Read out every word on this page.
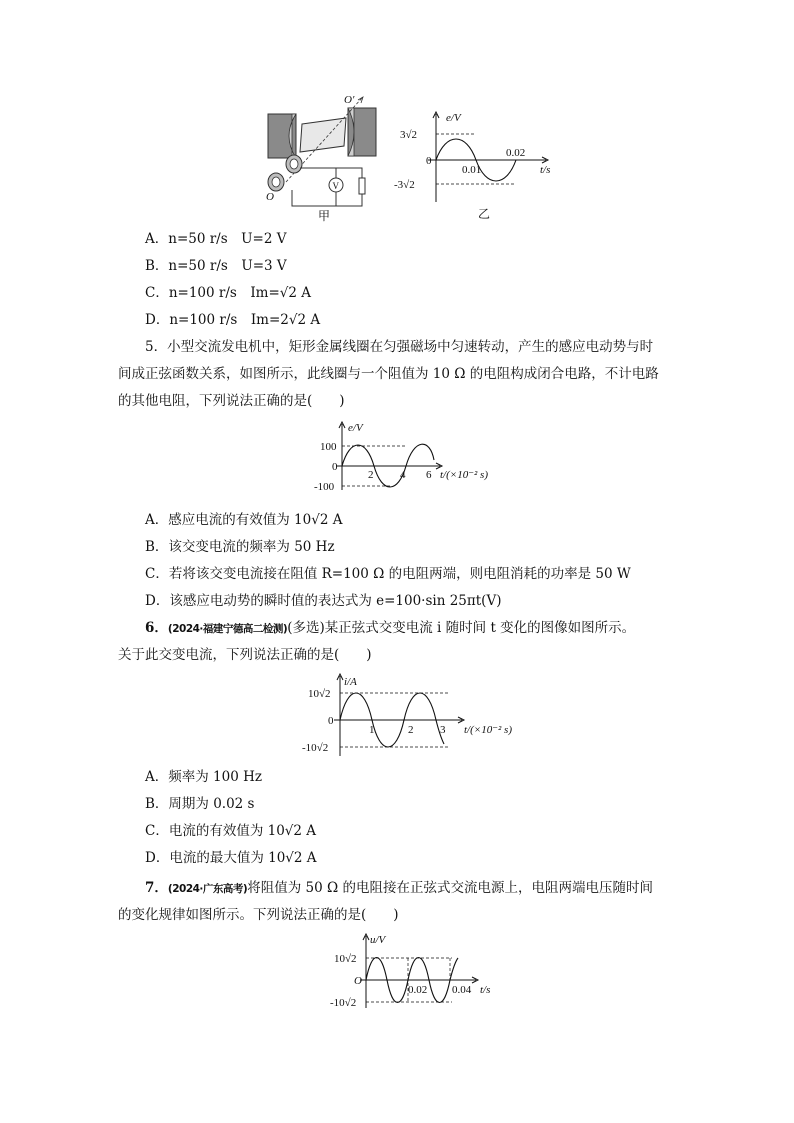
O′
O
V
甲
e/V
3√2
0
-3√2
0.01
0.02
t/s
乙
A．n=50 r/s　U=2 V
B．n=50 r/s　U=3 V
C．n=100 r/s　Im=√2 A
D．n=100 r/s　Im=2√2 A
5．小型交流发电机中，矩形金属线圈在匀强磁场中匀速转动，产生的感应电动势与时
间成正弦函数关系，如图所示，此线圈与一个阻值为 10 Ω 的电阻构成闭合电路，不计电路
的其他电阻，下列说法正确的是(　　)
e/V
100
0
-100
2 4 6 t/(×10⁻² s)
A．感应电流的有效值为 10√2 A
B．该交变电流的频率为 50 Hz
C．若将该交变电流接在阻值 R=100 Ω 的电阻两端，则电阻消耗的功率是 50 W
D．该感应电动势的瞬时值的表达式为 e=100·sin 25πt(V)
6．(2024·福建宁德高二检测)(多选)某正弦式交变电流 i 随时间 t 变化的图像如图所示。
关于此交变电流，下列说法正确的是(　　)
i/A
10√2
0
-10√2
1	2 3 t/(×10⁻² s)
A．频率为 100 Hz
B．周期为 0.02 s
C．电流的有效值为 10√2 A
D．电流的最大值为 10√2 A
7．(2024·广东高考)将阻值为 50 Ω 的电阻接在正弦式交流电源上，电阻两端电压随时间
的变化规律如图所示。下列说法正确的是(　　)
u/V
10√2
O
-10√2
0.02 0.04 t/s
